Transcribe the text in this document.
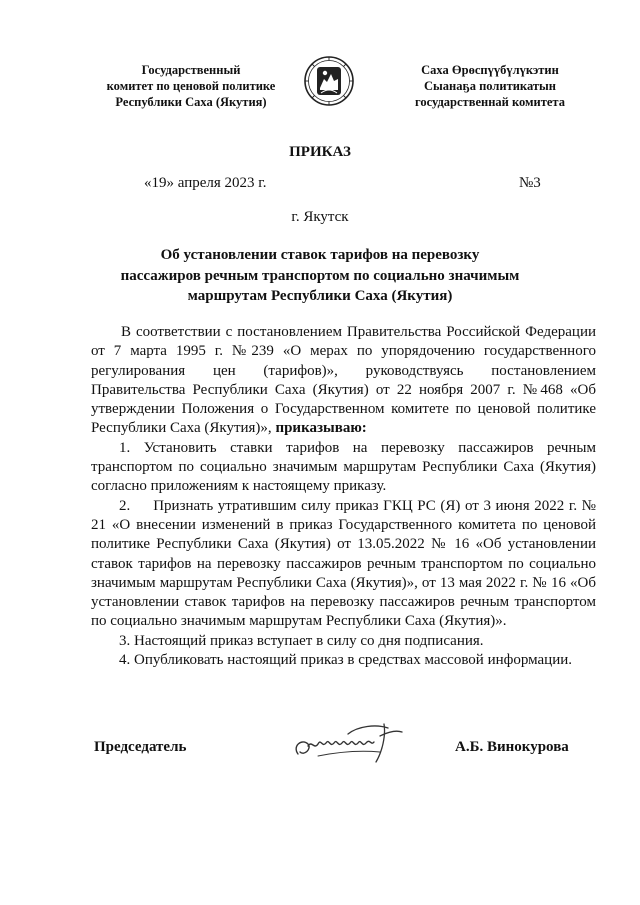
Государственный
комитет по ценовой политике
Республики Саха (Якутия)
Саха Өрөспүүбүлүкэтин
Сыанаҕа политикатын
государственнай комитета
ПРИКАЗ
«19» апреля 2023 г.	№3
г. Якутск
Об установлении ставок тарифов на перевозку пассажиров речным транспортом по социально значимым маршрутам Республики Саха (Якутия)

В соответствии с постановлением Правительства Российской Федерации от 7 марта 1995 г. №239 «О мерах по упорядочению государственного регулирования цен (тарифов)», руководствуясь постановлением Правительства Республики Саха (Якутия) от 22 ноября 2007 г. №468 «Об утверждении Положения о Государственном комитете по ценовой политике Республики Саха (Якутия)», приказываю:

1. Установить ставки тарифов на перевозку пассажиров речным транспортом по социально значимым маршрутам Республики Саха (Якутия) согласно приложениям к настоящему приказу.

2.     Признать утратившим силу приказ ГКЦ РС (Я) от 3 июня 2022 г. № 21 «О внесении изменений в приказ Государственного комитета по ценовой политике Республики Саха (Якутия) от 13.05.2022 № 16 «Об установлении ставок тарифов на перевозку пассажиров речным транспортом по социально значимым маршрутам Республики Саха (Якутия)», от 13 мая 2022 г. № 16 «Об установлении ставок тарифов на перевозку пассажиров речным транспортом по социально значимым маршрутам Республики Саха (Якутия)».

3. Настоящий приказ вступает в силу со дня подписания.

4. Опубликовать настоящий приказ в средствах массовой информации.

Председатель	А.Б. Винокурова
